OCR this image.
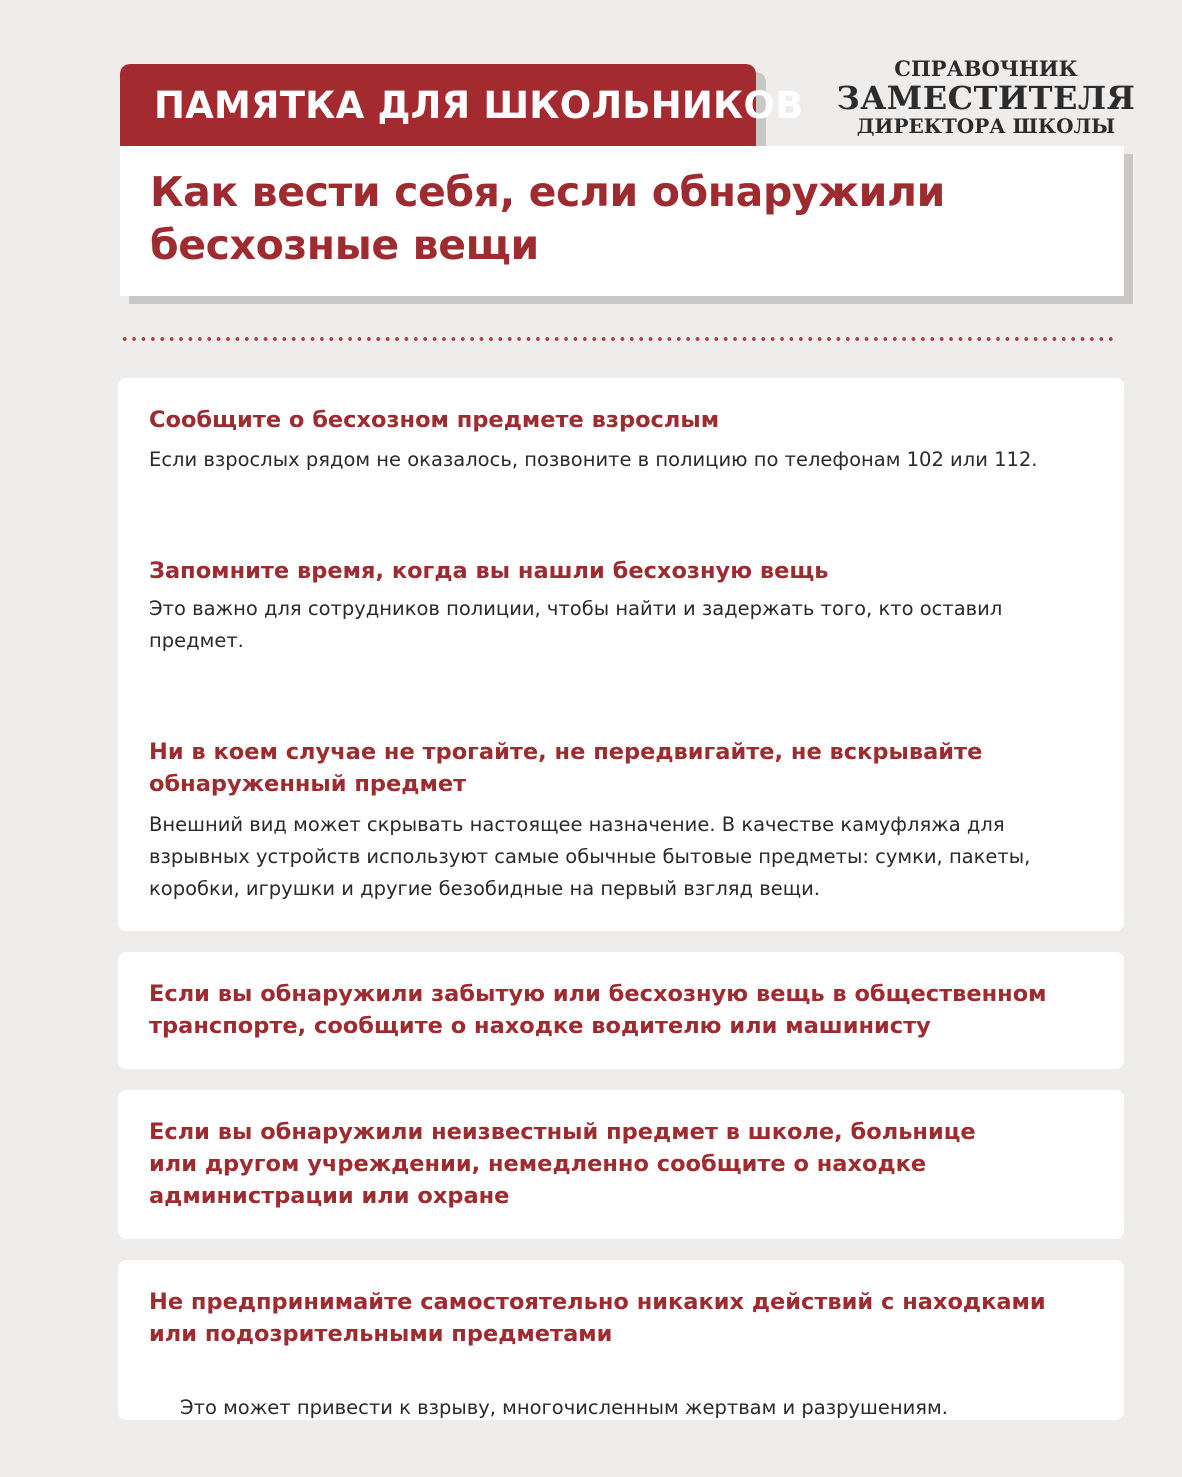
ПАМЯТКА ДЛЯ ШКОЛЬНИКОВ
СПРАВОЧНИК
ЗАМЕСТИТЕЛЯ
ДИРЕКТОРА ШКОЛЫ
Как вести себя, если обнаружили
бесхозные вещи
Сообщите о бесхозном предмете взрослым

Если взрослых рядом не оказалось, позвоните в полицию по телефонам 102 или 112.

Запомните время, когда вы нашли бесхозную вещь

Это важно для сотрудников полиции, чтобы найти и задержать того, кто оставил
предмет.

Ни в коем случае не трогайте, не передвигайте, не вскрывайте
обнаруженный предмет

Внешний вид может скрывать настоящее назначение. В качестве камуфляжа для
взрывных устройств используют самые обычные бытовые предметы: сумки, пакеты,
коробки, игрушки и другие безобидные на первый взгляд вещи.

Если вы обнаружили забытую или бесхозную вещь в общественном
транспорте, сообщите о находке водителю или машинисту
Если вы обнаружили неизвестный предмет в школе, больнице
или другом учреждении, немедленно сообщите о находке
администрации или охране
Не предпринимайте самостоятельно никаких действий с находками
или подозрительными предметами

Это может привести к взрыву, многочисленным жертвам и разрушениям.
